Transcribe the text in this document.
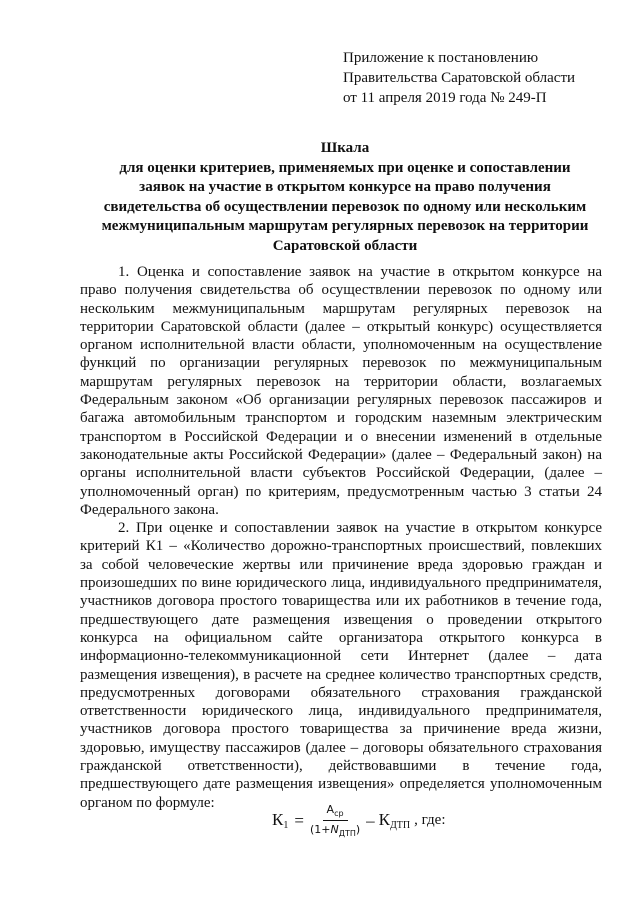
Приложение к постановлению
Правительства Саратовской области
от 11 апреля 2019 года № 249-П
Шкала
для оценки критериев, применяемых при оценке и сопоставлении
заявок на участие в открытом конкурсе на право получения
свидетельства об осуществлении перевозок по одному или нескольким
межмуниципальным маршрутам регулярных перевозок на территории
Саратовской области

1. Оценка и сопоставление заявок на участие в открытом конкурсе на право получения свидетельства об осуществлении перевозок по одному или нескольким межмуниципальным маршрутам регулярных перевозок на территории Саратовской области (далее – открытый конкурс) осуществляется органом исполнительной власти области, уполномоченным на осуществление функций по организации регулярных перевозок по межмуниципальным маршрутам регулярных перевозок на территории области, возлагаемых Федеральным законом «Об организации регулярных перевозок пассажиров и багажа автомобильным транспортом и городским наземным электрическим транспортом в Российской Федерации и о внесении изменений в отдельные законодательные акты Российской Федерации» (далее – Федеральный закон) на органы исполнительной власти субъектов Российской Федерации, (далее – уполномоченный орган) по критериям, предусмотренным частью 3 статьи 24 Федерального закона.

2. При оценке и сопоставлении заявок на участие в открытом конкурсе критерий К1 – «Количество дорожно-транспортных происшествий, повлекших за собой человеческие жертвы или причинение вреда здоровью граждан и произошедших по вине юридического лица, индивидуального предпринимателя, участников договора простого товарищества или их работников в течение года, предшествующего дате размещения извещения о проведении открытого конкурса на официальном сайте организатора открытого конкурса в информационно-телекоммуникационной сети Интернет (далее – дата размещения извещения), в расчете на среднее количество транспортных средств, предусмотренных договорами обязательного страхования гражданской ответственности юридического лица, индивидуального предпринимателя, участников договора простого товарищества за причинение вреда жизни, здоровью, имуществу пассажиров (далее – договоры обязательного страхования гражданской ответственности), действовавшими в течение года, предшествующего дате размещения извещения» определяется уполномоченным органом по формуле:

$К_1 = \frac{А_{ср}}{(1+N_{ДТП})} - К_{ДТП}$ , где:
